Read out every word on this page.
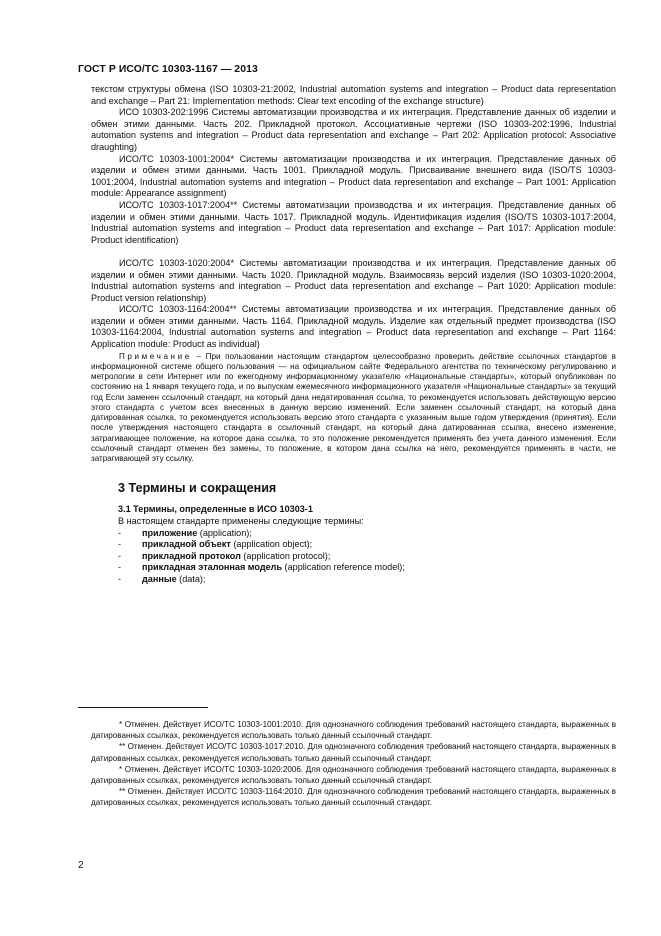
ГОСТ Р ИСО/ТС 10303-1167 — 2013

текстом структуры обмена (ISO 10303-21:2002, Industrial automation systems and integration – Product data representation and exchange – Part 21: Implementation methods: Clear text encoding of the exchange structure)

ИСО 10303-202:1996 Системы автоматизации производства и их интеграция. Представление данных об изделии и обмен этими данными. Часть 202. Прикладной протокол. Ассоциативные чертежи (ISO 10303-202:1996, Industrial automation systems and integration – Product data representation and exchange – Part 202: Application protocol: Associative draughting)

ИСО/ТС 10303-1001:2004* Системы автоматизации производства и их интеграция. Представление данных об изделии и обмен этими данными. Часть 1001. Прикладной модуль. Присваивание внешнего вида (ISO/TS 10303-1001:2004, Industrial automation systems and integration – Product data representation and exchange – Part 1001: Application module: Appearance assignment)

ИСО/ТС 10303-1017:2004** Системы автоматизации производства и их интеграция. Представление данных об изделии и обмен этими данными. Часть 1017. Прикладной модуль. Идентификация изделия (ISO/TS 10303-1017:2004, Industrial automation systems and integration – Product data representation and exchange – Part 1017: Application module: Product identification)

ИСО/ТС 10303-1020:2004* Системы автоматизации производства и их интеграция. Представление данных об изделии и обмен этими данными. Часть 1020. Прикладной модуль. Взаимосвязь версий изделия (ISO 10303-1020:2004, Industrial automation systems and integration – Product data representation and exchange – Part 1020: Application module: Product version relationship)

ИСО/ТС 10303-1164:2004** Системы автоматизации производства и их интеграция. Представление данных об изделии и обмен этими данными. Часть 1164. Прикладной модуль. Изделие как отдельный предмет производства (ISO 10303-1164:2004, Industrial automation systems and integration – Product data representation and exchange – Part 1164: Application module: Product as individual)

Примечание – При пользовании настоящим стандартом целесообразно проверить действие ссылочных стандартов в информационной системе общего пользования — на официальном сайте Федерального агентства по техническому регулированию и метрологии в сети Интернет или по ежегодному информационному указателю «Национальные стандарты», который опубликован по состоянию на 1 января текущего года, и по выпускам ежемесячного информационного указателя «Национальные стандарты» за текущий год Если заменен ссылочный стандарт, на который дана недатированная ссылка, то рекомендуется использовать действующую версию этого стандарта с учетом всех внесенных в данную версию изменений. Если заменен ссылочный стандарт, на который дана датированная ссылка, то рекомендуется использовать версию этого стандарта с указанным выше годом утверждения (принятия). Если после утверждения настоящего стандарта в ссылочный стандарт, на который дана датированная ссылка, внесено изменение, затрагивающее положение, на которое дана ссылка, то это положение рекомендуется применять без учета данного изменения. Если ссылочный стандарт отменен без замены, то положение, в котором дана ссылка на него, рекомендуется применять в части, не затрагивающей эту ссылку.

3 Термины и сокращения

3.1 Термины, определенные в ИСО 10303-1

В настоящем стандарте применены следующие термины:

- приложение (application);
- прикладной объект (application object);
- прикладной протокол (application protocol);
- прикладная эталонная модель (application reference model);
- данные (data);

* Отменен. Действует ИСО/ТС 10303-1001:2010. Для однозначного соблюдения требований настоящего стандарта, выраженных в датированных ссылках, рекомендуется использовать только данный ссылочный стандарт.

** Отменен. Действует ИСО/ТС 10303-1017:2010. Для однозначного соблюдения требований настоящего стандарта, выраженных в датированных ссылках, рекомендуется использовать только данный ссылочный стандарт.

* Отменен. Действует ИСО/ТС 10303-1020:2006. Для однозначного соблюдения требований настоящего стандарта, выраженных в датированных ссылках, рекомендуется использовать только данный ссылочный стандарт.

** Отменен. Действует ИСО/ТС 10303-1164:2010. Для однозначного соблюдения требований настоящего стандарта, выраженных в датированных ссылках, рекомендуется использовать только данный ссылочный стандарт.

2
